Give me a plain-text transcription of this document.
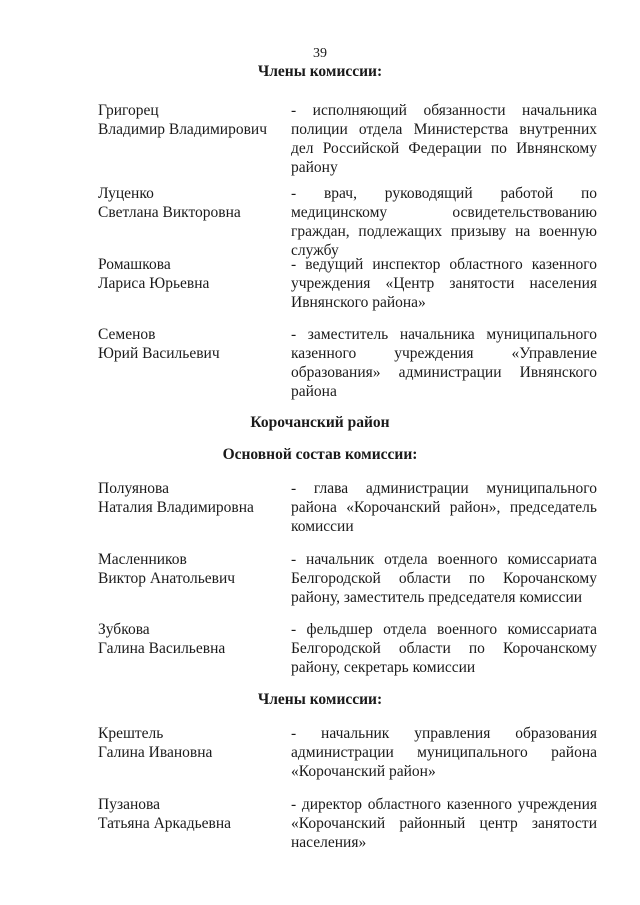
39
Члены комиссии:
Григорец
Владимир Владимирович
- исполняющий обязанности начальника полиции отдела Министерства внутренних дел Российской Федерации по Ивнянскому району
Луценко
Светлана Викторовна
- врач, руководящий работой по медицинскому освидетельствованию граждан, подлежащих призыву на военную службу
Ромашкова
Лариса Юрьевна
- ведущий инспектор областного казенного учреждения «Центр занятости населения Ивнянского района»
Семенов
Юрий Васильевич
- заместитель начальника муниципального казенного учреждения «Управление образования» администрации Ивнянского района
Корочанский район
Основной состав комиссии:
Полуянова
Наталия Владимировна
- глава администрации муниципального района «Корочанский район», председатель комиссии
Масленников
Виктор Анатольевич
- начальник отдела военного комиссариата Белгородской области по Корочанскому району, заместитель председателя комиссии
Зубкова
Галина Васильевна
- фельдшер отдела военного комиссариата Белгородской области по Корочанскому району, секретарь комиссии
Члены комиссии:
Крештель
Галина Ивановна
- начальник управления образования администрации муниципального района «Корочанский район»
Пузанова
Татьяна Аркадьевна
- директор областного казенного учреждения «Корочанский районный центр занятости населения»
